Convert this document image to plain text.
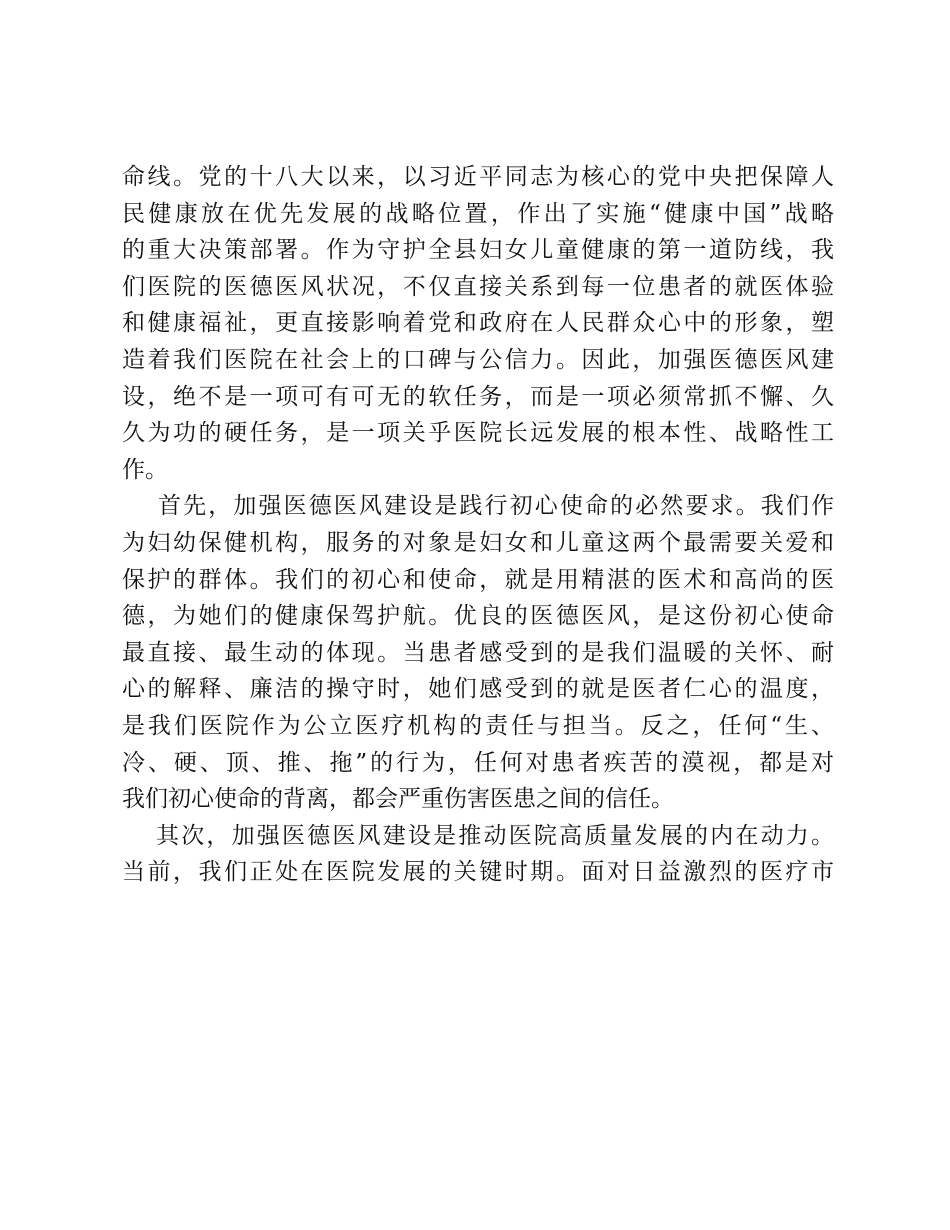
命线。党的十八大以来，以习近平同志为核心的党中央把保障人
民健康放在优先发展的战略位置，作出了实施“健康中国”战略
的重大决策部署。作为守护全县妇女儿童健康的第一道防线，我
们医院的医德医风状况，不仅直接关系到每一位患者的就医体验
和健康福祉，更直接影响着党和政府在人民群众心中的形象，塑
造着我们医院在社会上的口碑与公信力。因此，加强医德医风建
设，绝不是一项可有可无的软任务，而是一项必须常抓不懈、久
久为功的硬任务，是一项关乎医院长远发展的根本性、战略性工
作。
首先，加强医德医风建设是践行初心使命的必然要求。我们作
为妇幼保健机构，服务的对象是妇女和儿童这两个最需要关爱和
保护的群体。我们的初心和使命，就是用精湛的医术和高尚的医
德，为她们的健康保驾护航。优良的医德医风，是这份初心使命
最直接、最生动的体现。当患者感受到的是我们温暖的关怀、耐
心的解释、廉洁的操守时，她们感受到的就是医者仁心的温度，
是我们医院作为公立医疗机构的责任与担当。反之，任何“生、
冷、硬、顶、推、拖”的行为，任何对患者疾苦的漠视，都是对
我们初心使命的背离，都会严重伤害医患之间的信任。
其次，加强医德医风建设是推动医院高质量发展的内在动力。
当前，我们正处在医院发展的关键时期。面对日益激烈的医疗市
